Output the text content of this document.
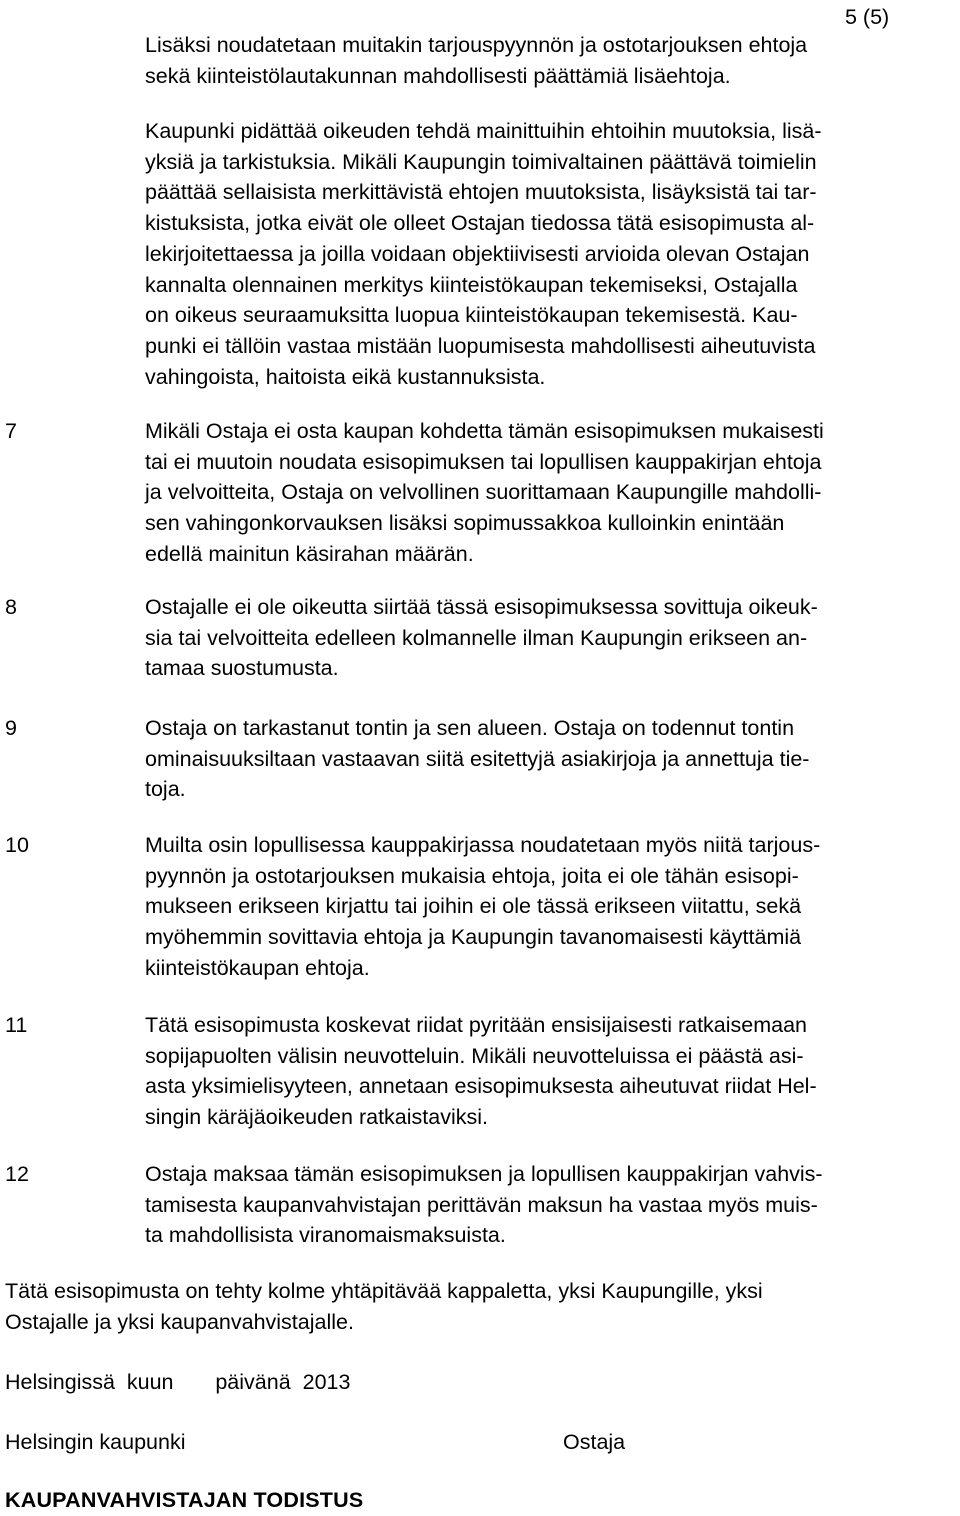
5 (5)
Lisäksi noudatetaan muitakin tarjouspyynnön ja ostotarjouksen ehtoja
sekä kiinteistölautakunnan mahdollisesti päättämiä lisäehtoja.
Kaupunki pidättää oikeuden tehdä mainittuihin ehtoihin muutoksia, lisä-
yksiä ja tarkistuksia. Mikäli Kaupungin toimivaltainen päättävä toimielin
päättää sellaisista merkittävistä ehtojen muutoksista, lisäyksistä tai tar-
kistuksista, jotka eivät ole olleet Ostajan tiedossa tätä esisopimusta al-
lekirjoitettaessa ja joilla voidaan objektiivisesti arvioida olevan Ostajan
kannalta olennainen merkitys kiinteistökaupan tekemiseksi, Ostajalla
on oikeus seuraamuksitta luopua kiinteistökaupan tekemisestä. Kau-
punki ei tällöin vastaa mistään luopumisesta mahdollisesti aiheutuvista
vahingoista, haitoista eikä kustannuksista.
7	Mikäli Ostaja ei osta kaupan kohdetta tämän esisopimuksen mukaisesti
tai ei muutoin noudata esisopimuksen tai lopullisen kauppakirjan ehtoja
ja velvoitteita, Ostaja on velvollinen suorittamaan Kaupungille mahdolli-
sen vahingonkorvauksen lisäksi sopimussakkoa kulloinkin enintään
edellä mainitun käsirahan määrän.
8	Ostajalle ei ole oikeutta siirtää tässä esisopimuksessa sovittuja oikeuk-
sia tai velvoitteita edelleen kolmannelle ilman Kaupungin erikseen an-
tamaa suostumusta.
9	Ostaja on tarkastanut tontin ja sen alueen. Ostaja on todennut tontin
ominaisuuksiltaan vastaavan siitä esitettyjä asiakirjoja ja annettuja tie-
toja.
10	Muilta osin lopullisessa kauppakirjassa noudatetaan myös niitä tarjous-
pyynnön ja ostotarjouksen mukaisia ehtoja, joita ei ole tähän esisopi-
mukseen erikseen kirjattu tai joihin ei ole tässä erikseen viitattu, sekä
myöhemmin sovittavia ehtoja ja Kaupungin tavanomaisesti käyttämiä
kiinteistökaupan ehtoja.
11	Tätä esisopimusta koskevat riidat pyritään ensisijaisesti ratkaisemaan
sopijapuolten välisin neuvotteluin. Mikäli neuvotteluissa ei päästä asi-
asta yksimielisyyteen, annetaan esisopimuksesta aiheutuvat riidat Hel-
singin käräjäoikeuden ratkaistaviksi.
12	Ostaja maksaa tämän esisopimuksen ja lopullisen kauppakirjan vahvis-
tamisesta kaupanvahvistajan perittävän maksun ha vastaa myös muis-
ta mahdollisista viranomaismaksuista.
Tätä esisopimusta on tehty kolme yhtäpitävää kappaletta, yksi Kaupungille, yksi
Ostajalle ja yksi kaupanvahvistajalle.
Helsingissä kuun päivänä 2013
Helsingin kaupunki	Ostaja
KAUPANVAHVISTAJAN TODISTUS
